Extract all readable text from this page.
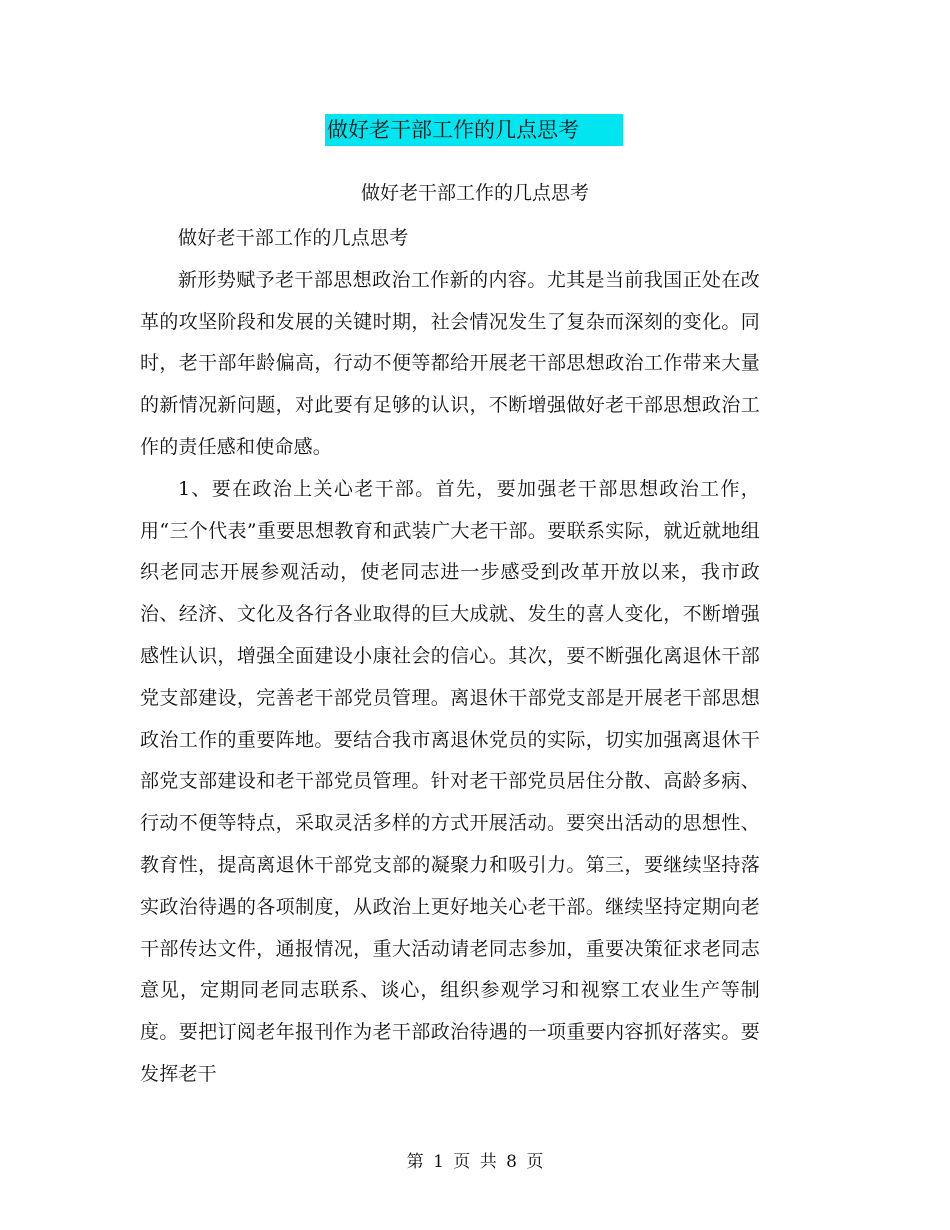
做好老干部工作的几点思考
做好老干部工作的几点思考

做好老干部工作的几点思考

新形势赋予老干部思想政治工作新的内容。尤其是当前我国正处在改革的攻坚阶段和发展的关键时期，社会情况发生了复杂而深刻的变化。同时，老干部年龄偏高，行动不便等都给开展老干部思想政治工作带来大量的新情况新问题，对此要有足够的认识，不断增强做好老干部思想政治工作的责任感和使命感。

1、要在政治上关心老干部。首先，要加强老干部思想政治工作，用“三个代表”重要思想教育和武装广大老干部。要联系实际，就近就地组织老同志开展参观活动，使老同志进一步感受到改革开放以来，我市政治、经济、文化及各行各业取得的巨大成就、发生的喜人变化，不断增强感性认识，增强全面建设小康社会的信心。其次，要不断强化离退休干部党支部建设，完善老干部党员管理。离退休干部党支部是开展老干部思想政治工作的重要阵地。要结合我市离退休党员的实际，切实加强离退休干部党支部建设和老干部党员管理。针对老干部党员居住分散、高龄多病、行动不便等特点，采取灵活多样的方式开展活动。要突出活动的思想性、教育性，提高离退休干部党支部的凝聚力和吸引力。第三，要继续坚持落实政治待遇的各项制度，从政治上更好地关心老干部。继续坚持定期向老干部传达文件，通报情况，重大活动请老同志参加，重要决策征求老同志意见，定期同老同志联系、谈心，组织参观学习和视察工农业生产等制度。要把订阅老年报刊作为老干部政治待遇的一项重要内容抓好落实。要发挥老干

第 1 页 共 8 页
